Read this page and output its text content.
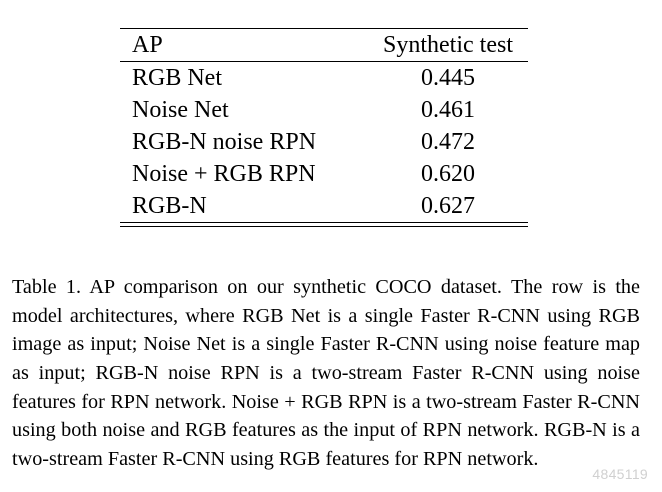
AP	Synthetic test
RGB Net	0.445
Noise Net	0.461
RGB-N noise RPN	0.472
Noise + RGB RPN	0.620
RGB-N	0.627

Table 1. AP comparison on our synthetic COCO dataset. The row is the model architectures, where RGB Net is a single Faster R-CNN using RGB image as input; Noise Net is a single Faster R-CNN using noise feature map as input; RGB-N noise RPN is a two-stream Faster R-CNN using noise features for RPN network. Noise + RGB RPN is a two-stream Faster R-CNN using both noise and RGB features as the input of RPN network. RGB-N is a two-stream Faster R-CNN using RGB features for RPN network.

4845119
